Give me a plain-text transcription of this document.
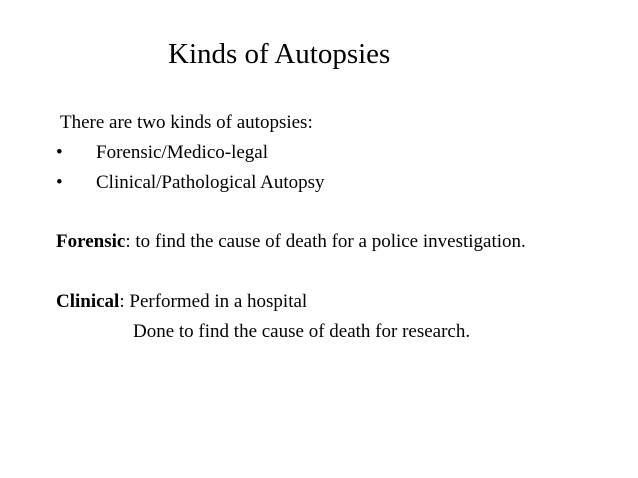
Kinds of Autopsies
There are two kinds of autopsies:
• Forensic/Medico-legal
• Clinical/Pathological Autopsy
Forensic: to find the cause of death for a police investigation.
Clinical: Performed in a hospital
Done to find the cause of death for research.
